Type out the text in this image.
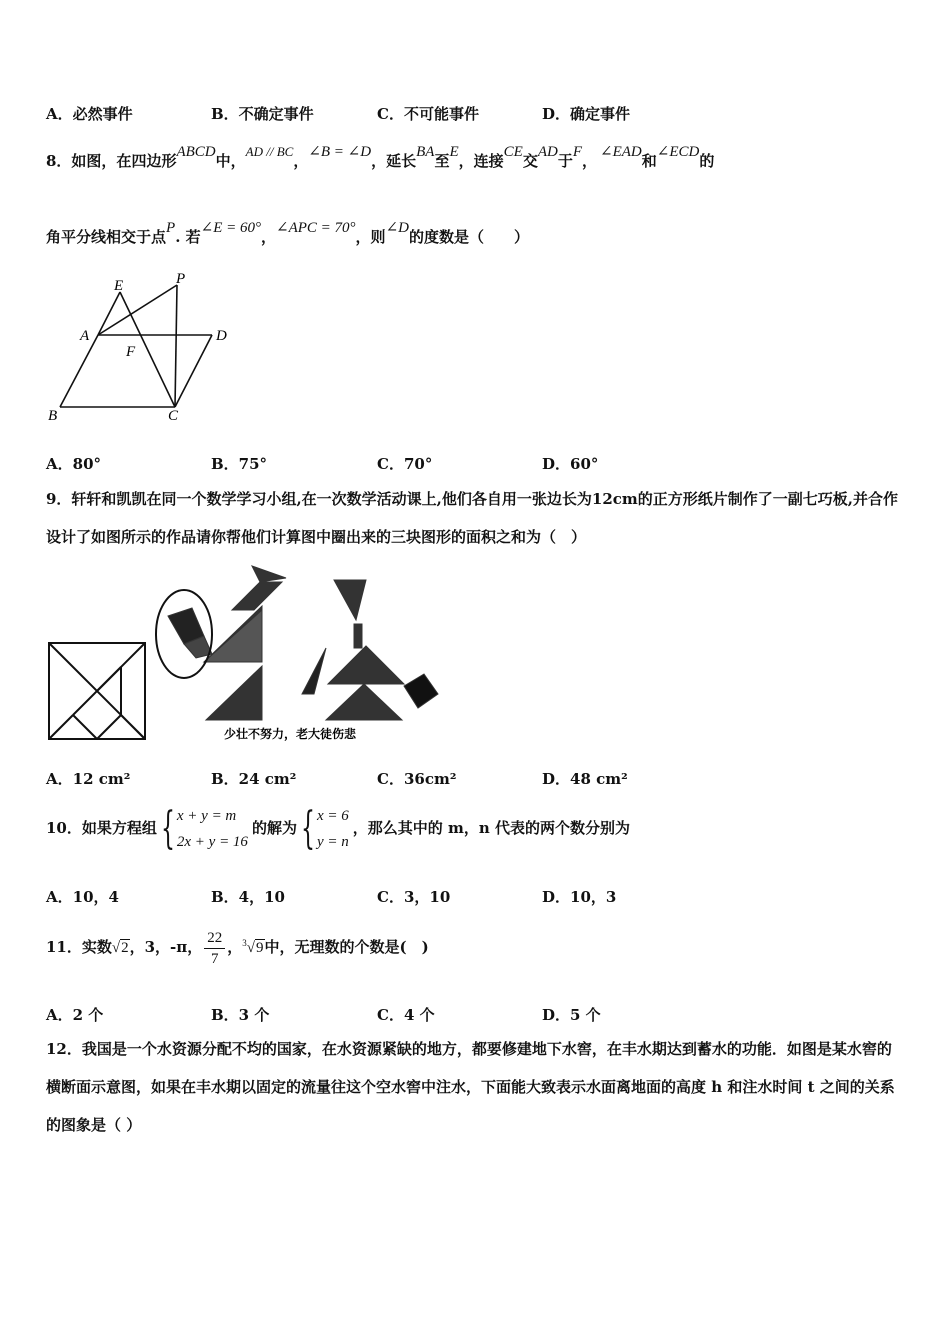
A．必然事件	B．不确定事件	C．不可能事件	D．确定事件
8．如图，在四边形ABCD中，AD // BC，∠B = ∠D，延长BA至E，连接CE交AD于F，  ∠EAD和∠ECD的
角平分线相交于点P. 若∠E = 60°，∠APC = 70°，则∠D的度数是（　　）
E	P
A	D
F
B	C
A．80°	B．75°	C．70°	D．60°
9．轩轩和凯凯在同一个数学学习小组,在一次数学活动课上,他们各自用一张边长为12cm的正方形纸片制作了一副七巧板,并合作设计了如图所示的作品请你帮他们计算图中圈出来的三块图形的面积之和为（　）
少壮不努力，老大徒伤悲
A．12 cm²	B．24 cm²	C．36cm²	D．48 cm²
10．如果方程组 { x + y = m
2x + y = 16
的解为 { x = 6
y = n
，那么其中的 m，n 代表的两个数分别为
A．10，4	B．4，10	C．3，10	D．10，3
11．实数√2，3，-π， $\frac{22}{7}$ ，$^3$√9中，无理数的个数是(　)
A．2 个	B．3 个	C．4 个	D．5 个
12．我国是一个水资源分配不均的国家，在水资源紧缺的地方，都要修建地下水窖，在丰水期达到蓄水的功能．如图是某水窖的横断面示意图，如果在丰水期以固定的流量往这个空水窖中注水，下面能大致表示水面离地面的高度 h 和注水时间 t 之间的关系的图象是（ ）
